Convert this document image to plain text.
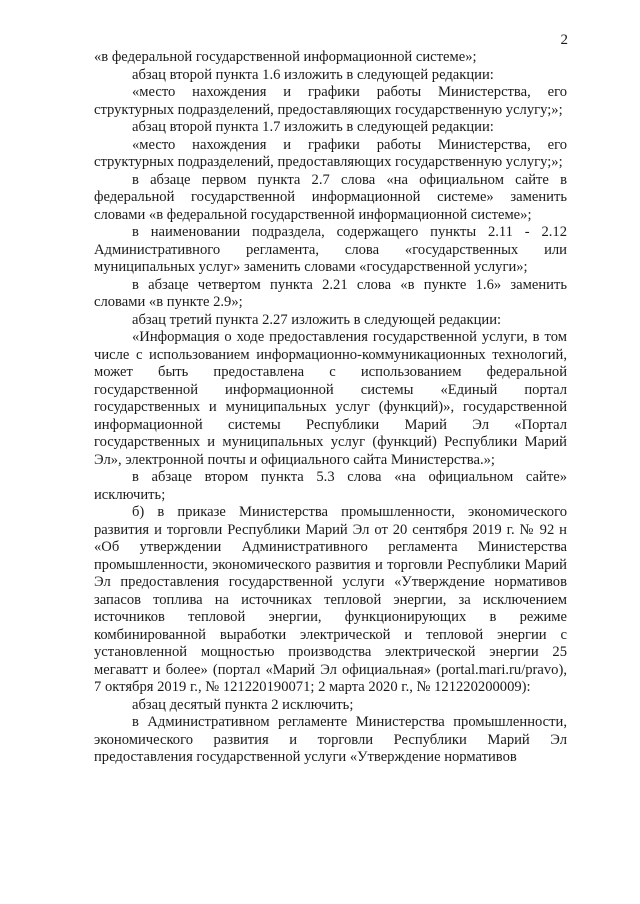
2

«в федеральной государственной информационной системе»;

абзац второй пункта 1.6 изложить в следующей редакции:

«место нахождения и графики работы Министерства, его структурных подразделений, предоставляющих государственную услугу;»;

абзац второй пункта 1.7 изложить в следующей редакции:

«место нахождения и графики работы Министерства, его структурных подразделений, предоставляющих государственную услугу;»;

в абзаце первом пункта 2.7 слова «на официальном сайте в федеральной государственной информационной системе» заменить словами «в федеральной государственной информационной системе»;

в наименовании подраздела, содержащего пункты 2.11 - 2.12 Административного регламента, слова «государственных или муниципальных услуг» заменить словами «государственной услуги»;

в абзаце четвертом пункта 2.21 слова «в пункте 1.6» заменить словами «в пункте 2.9»;

абзац третий пункта 2.27 изложить в следующей редакции:

«Информация о ходе предоставления государственной услуги, в том числе с использованием информационно-коммуникационных технологий, может быть предоставлена с использованием федеральной государственной информационной системы «Единый портал государственных и муниципальных услуг (функций)», государственной информационной системы Республики Марий Эл «Портал государственных и муниципальных услуг (функций) Республики Марий Эл», электронной почты и официального сайта Министерства.»;

в абзаце втором пункта 5.3 слова «на официальном сайте» исключить;

б) в приказе Министерства промышленности, экономического развития и торговли Республики Марий Эл от 20 сентября 2019 г. № 92 н «Об утверждении Административного регламента Министерства промышленности, экономического развития и торговли Республики Марий Эл предоставления государственной услуги «Утверждение нормативов запасов топлива на источниках тепловой энергии, за исключением источников тепловой энергии, функционирующих в режиме комбинированной выработки электрической и тепловой энергии с установленной мощностью производства электрической энергии 25 мегаватт и более» (портал «Марий Эл официальная» (portal.mari.ru/pravo), 7 октября 2019 г., № 121220190071; 2 марта 2020 г., № 121220200009):

абзац десятый пункта 2 исключить;

в Административном регламенте Министерства промышленности, экономического развития и торговли Республики Марий Эл предоставления государственной услуги «Утверждение нормативов
